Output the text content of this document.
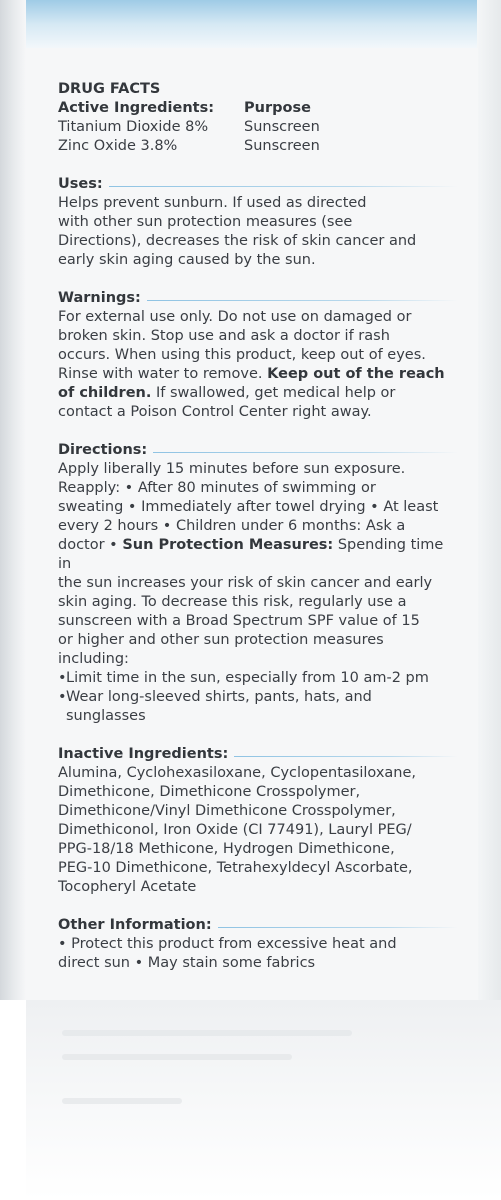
DRUG FACTS
Active Ingredients:	Purpose
Titanium Dioxide 8%	Sunscreen
Zinc Oxide 3.8%	Sunscreen
Uses:

Helps prevent sunburn. If used as directed
with other sun protection measures (see
Directions), decreases the risk of skin cancer and
early skin aging caused by the sun.

Warnings:

For external use only. Do not use on damaged or
broken skin. Stop use and ask a doctor if rash
occurs. When using this product, keep out of eyes.
Rinse with water to remove. Keep out of the reach
of children. If swallowed, get medical help or
contact a Poison Control Center right away.

Directions:

Apply liberally 15 minutes before sun exposure.
Reapply: • After 80 minutes of swimming or
sweating • Immediately after towel drying • At least
every 2 hours • Children under 6 months: Ask a
doctor • Sun Protection Measures: Spending time in
the sun increases your risk of skin cancer and early
skin aging. To decrease this risk, regularly use a
sunscreen with a Broad Spectrum SPF value of 15
or higher and other sun protection measures
including:

• Limit time in the sun, especially from 10 am-2 pm
• Wear long-sleeved shirts, pants, hats, and
sunglasses
Inactive Ingredients:

Alumina, Cyclohexasiloxane, Cyclopentasiloxane,
Dimethicone, Dimethicone Crosspolymer,
Dimethicone/Vinyl Dimethicone Crosspolymer,
Dimethiconol, Iron Oxide (CI 77491), Lauryl PEG/
PPG-18/18 Methicone, Hydrogen Dimethicone,
PEG-10 Dimethicone, Tetrahexyldecyl Ascorbate,
Tocopheryl Acetate

Other Information:

• Protect this product from excessive heat and
direct sun • May stain some fabrics
